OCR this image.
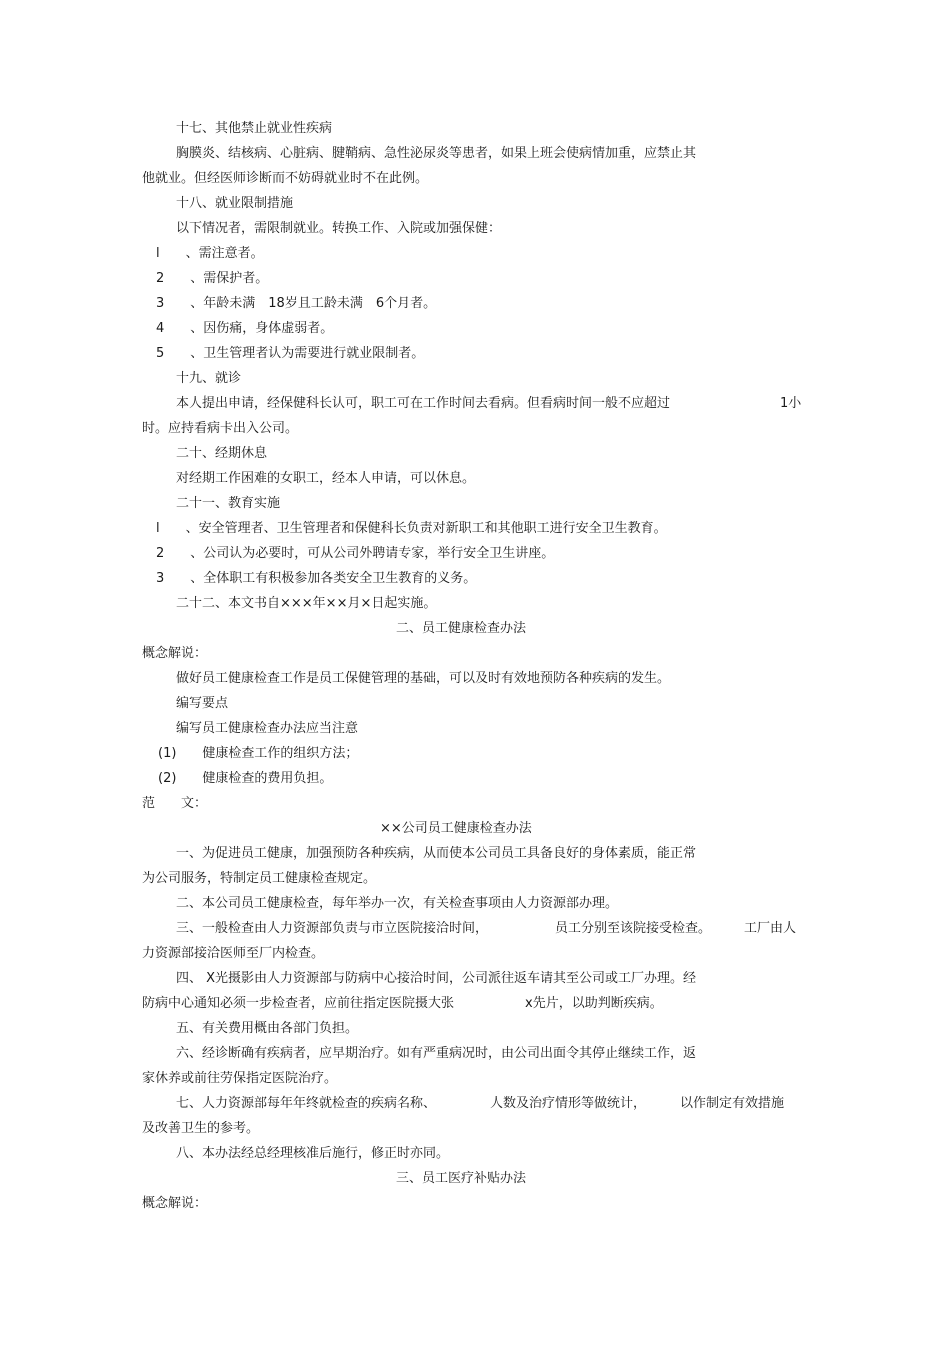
十七、其他禁止就业性疾病
胸膜炎、结核病、心脏病、腱鞘病、急性泌尿炎等患者，如果上班会使病情加重，应禁止其
他就业。但经医师诊断而不妨碍就业时不在此例。
十八、就业限制措施
以下情况者，需限制就业。转换工作、入院或加强保健：
l　　、需注意者。
2　　、需保护者。
3　　、年龄未满　18岁且工龄未满　6个月者。
4　　、因伤痛，身体虚弱者。
5　　、卫生管理者认为需要进行就业限制者。
十九、就诊
本人提出申请，经保健科长认可，职工可在工作时间去看病。但看病时间一般不应超过	1小
时。应持看病卡出入公司。
二十、经期休息
对经期工作困难的女职工，经本人申请，可以休息。
二十一、教育实施
l　　、安全管理者、卫生管理者和保健科长负责对新职工和其他职工进行安全卫生教育。
2　　、公司认为必要时，可从公司外聘请专家，举行安全卫生讲座。
3　　、全体职工有积极参加各类安全卫生教育的义务。
二十二、本文书自×××年××月×日起实施。
二、员工健康检查办法
概念解说：
做好员工健康检查工作是员工保健管理的基础，可以及时有效地预防各种疾病的发生。
编写要点
编写员工健康检查办法应当注意
(1)　　健康检查工作的组织方法；
(2)　　健康检查的费用负担。
范　　文：
××公司员工健康检查办法
一、为促进员工健康，加强预防各种疾病，从而使本公司员工具备良好的身体素质，能正常
为公司服务，特制定员工健康检查规定。
二、本公司员工健康检查，每年举办一次，有关检查事项由人力资源部办理。
三、一般检查由人力资源部负责与市立医院接洽时间，	员工分别至该院接受检查。	工厂由人
力资源部接洽医师至厂内检查。
四、 X光摄影由人力资源部与防病中心接洽时间，公司派往返车请其至公司或工厂办理。经
防病中心通知必须一步检查者，应前往指定医院摄大张	x先片，以助判断疾病。
五、有关费用概由各部门负担。
六、经诊断确有疾病者，应早期治疗。如有严重病况时，由公司出面令其停止继续工作，返
家休养或前往劳保指定医院治疗。
七、人力资源部每年年终就检查的疾病名称、	人数及治疗情形等做统计，	以作制定有效措施
及改善卫生的参考。
八、本办法经总经理核准后施行，修正时亦同。
三、员工医疗补贴办法
概念解说：
